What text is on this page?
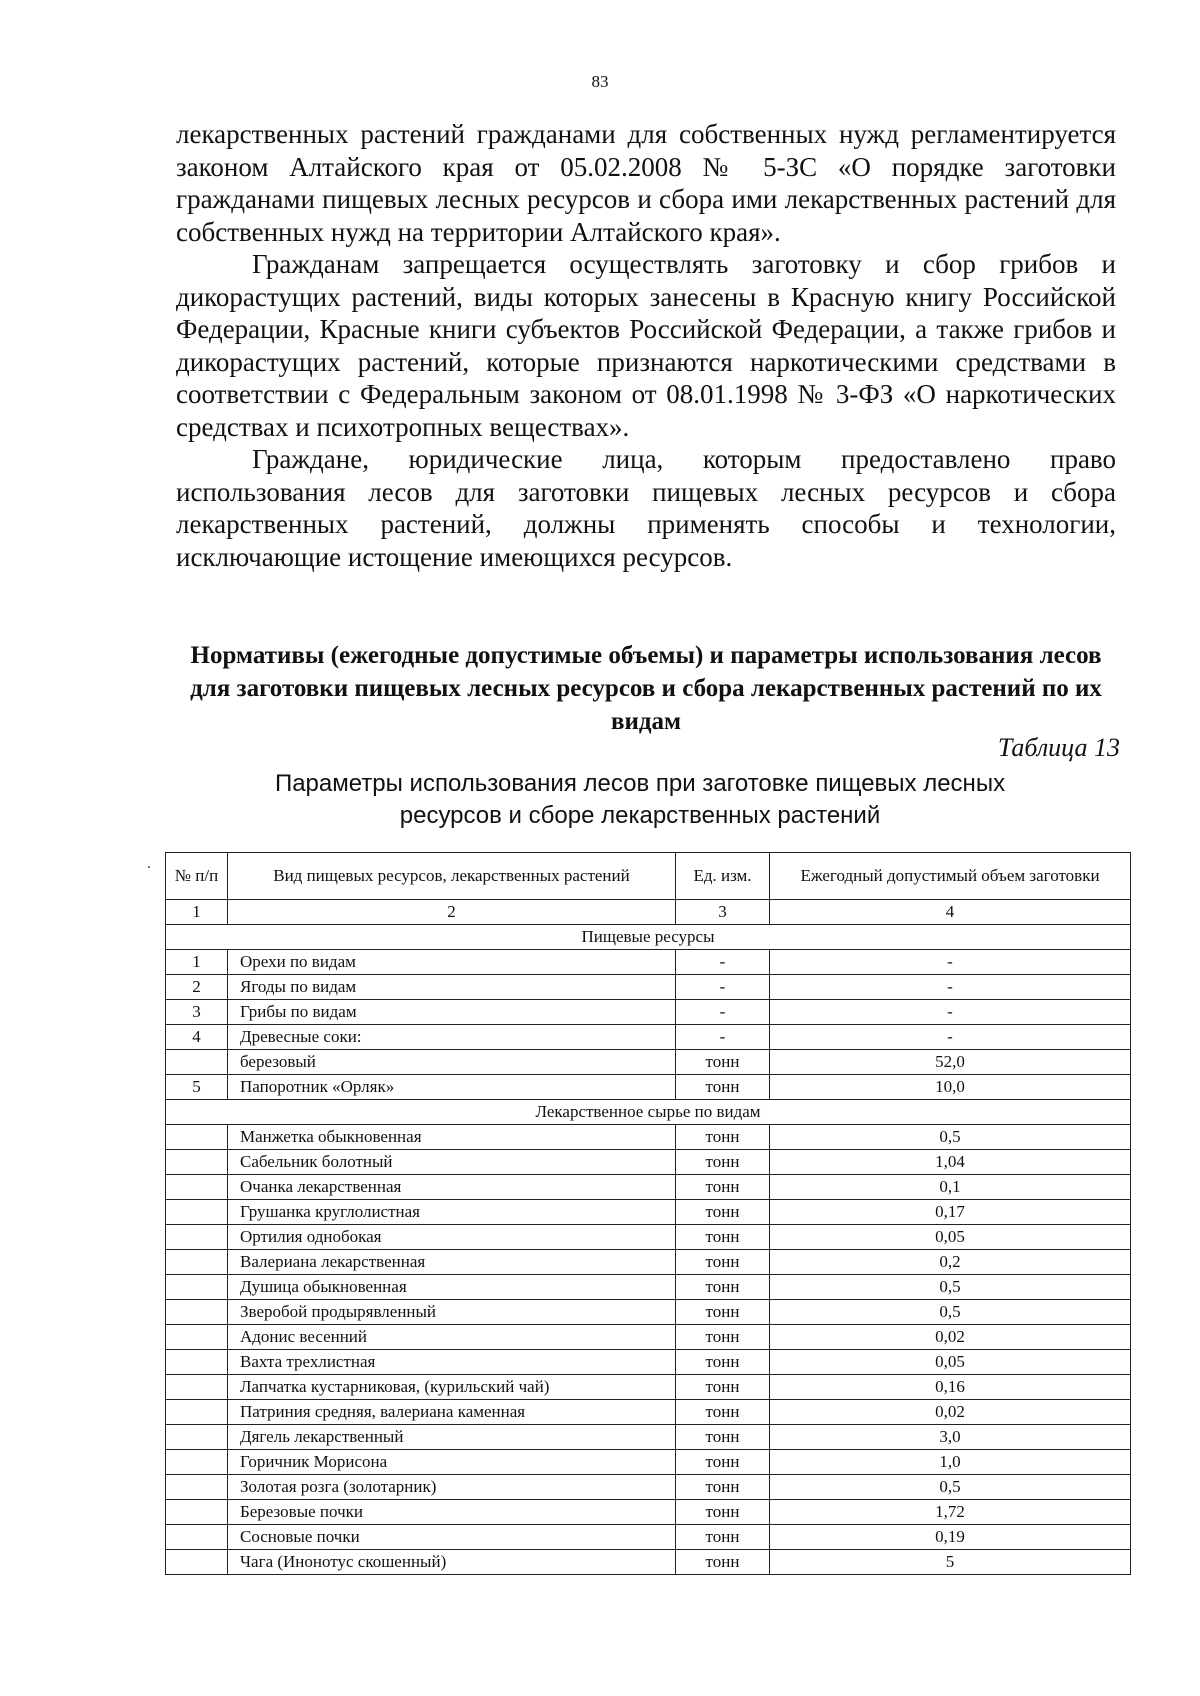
83

лекарственных растений гражданами для собственных нужд регламентируется законом Алтайского края от 05.02.2008 № 5-ЗС «О порядке заготовки гражданами пищевых лесных ресурсов и сбора ими лекарственных растений для собственных нужд на территории Алтайского края».

Гражданам запрещается осуществлять заготовку и сбор грибов и дикорастущих растений, виды которых занесены в Красную книгу Российской Федерации, Красные книги субъектов Российской Федерации, а также грибов и дикорастущих растений, которые признаются наркотическими средствами в соответствии с Федеральным законом от 08.01.1998 № 3-ФЗ «О наркотических средствах и психотропных веществах».

Граждане, юридические лица, которым предоставлено право использования лесов для заготовки пищевых лесных ресурсов и сбора лекарственных растений, должны применять способы и технологии, исключающие истощение имеющихся ресурсов.

Нормативы (ежегодные допустимые объемы) и параметры использования лесов для заготовки пищевых лесных ресурсов и сбора лекарственных растений по их видам
Таблица 13
Параметры использования лесов при заготовке пищевых лесных ресурсов и сборе лекарственных растений
№ п/п	Вид пищевых ресурсов, лекарственных растений	Ед. изм.	Ежегодный допустимый объем заготовки
1	2	3	4
Пищевые ресурсы			
1	Орехи по видам	-	-
2	Ягоды по видам	-	-
3	Грибы по видам	-	-
4	Древесные соки:	-	-
	березовый	тонн	52,0
5	Папоротник «Орляк»	тонн	10,0
Лекарственное сырье по видам			
	Манжетка обыкновенная	тонн	0,5
	Сабельник болотный	тонн	1,04
	Очанка лекарственная	тонн	0,1
	Грушанка круглолистная	тонн	0,17
	Ортилия однобокая	тонн	0,05
	Валериана лекарственная	тонн	0,2
	Душица обыкновенная	тонн	0,5
	Зверобой продырявленный	тонн	0,5
	Адонис весенний	тонн	0,02
	Вахта трехлистная	тонн	0,05
	Лапчатка кустарниковая, (курильский чай)	тонн	0,16
	Патриния средняя, валериана каменная	тонн	0,02
	Дягель лекарственный	тонн	3,0
	Горичник Морисона	тонн	1,0
	Золотая розга (золотарник)	тонн	0,5
	Березовые почки	тонн	1,72
	Сосновые почки	тонн	0,19
	Чага (Инонотус скошенный)	тонн	5
